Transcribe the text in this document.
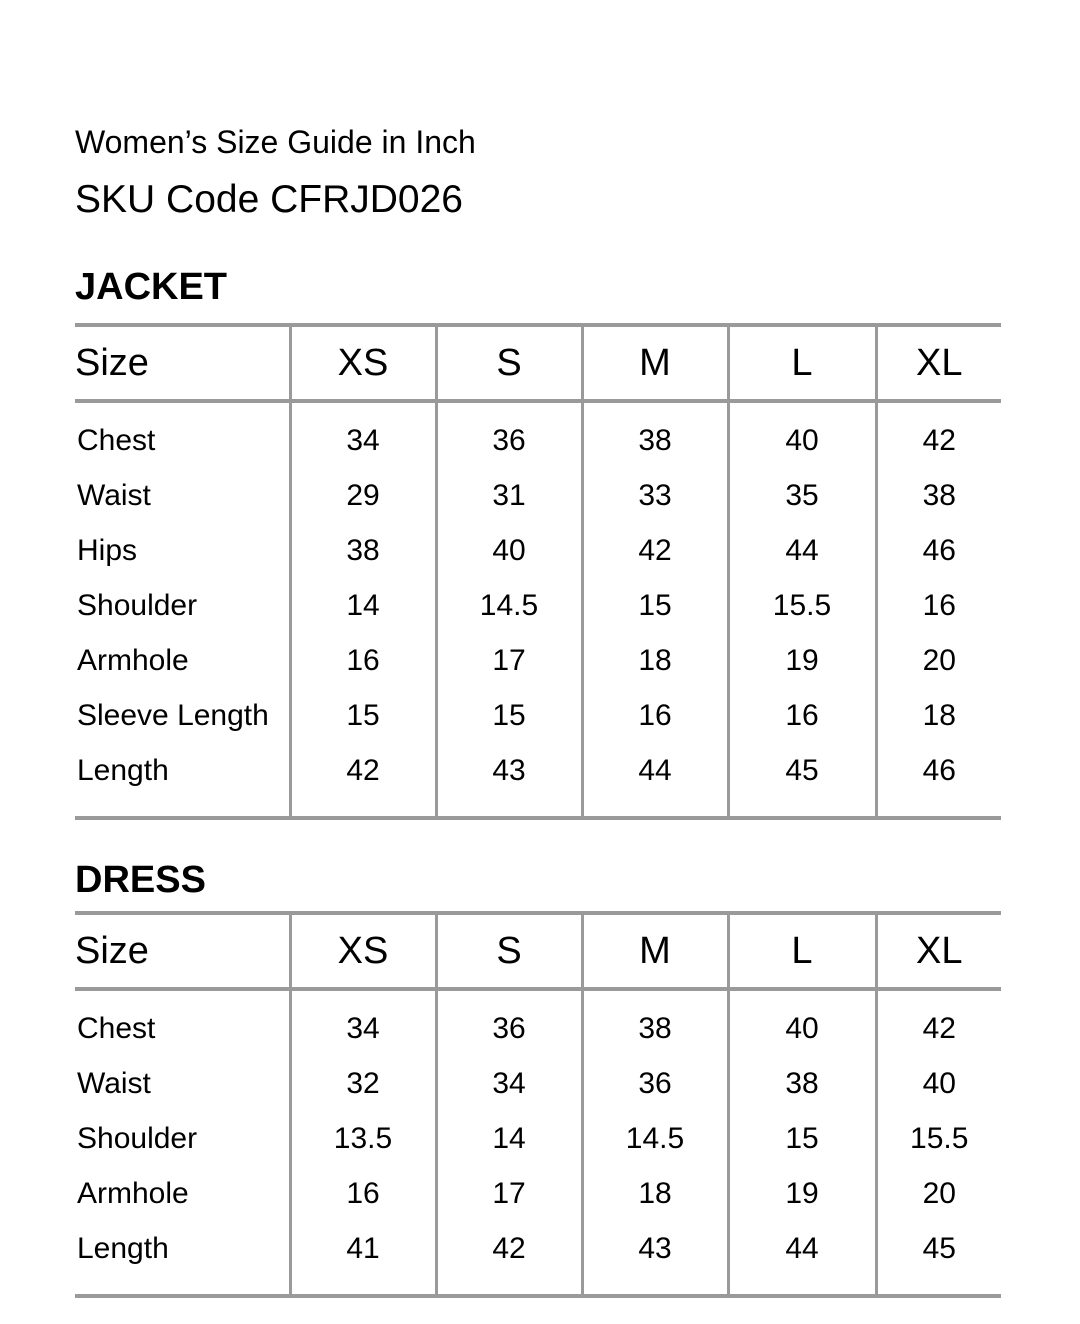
Women’s Size Guide in Inch

SKU Code CFRJD026

JACKET
Size	XS	S	M	L	XL
Chest	34	36	38	40	42
Waist	29	31	33	35	38
Hips	38	40	42	44	46
Shoulder	14	14.5	15	15.5	16
Armhole	16	17	18	19	20
Sleeve Length	15	15	16	16	18
Length	42	43	44	45	46

DRESS
Size	XS	S	M	L	XL
Chest	34	36	38	40	42
Waist	32	34	36	38	40
Shoulder	13.5	14	14.5	15	15.5
Armhole	16	17	18	19	20
Length	41	42	43	44	45
